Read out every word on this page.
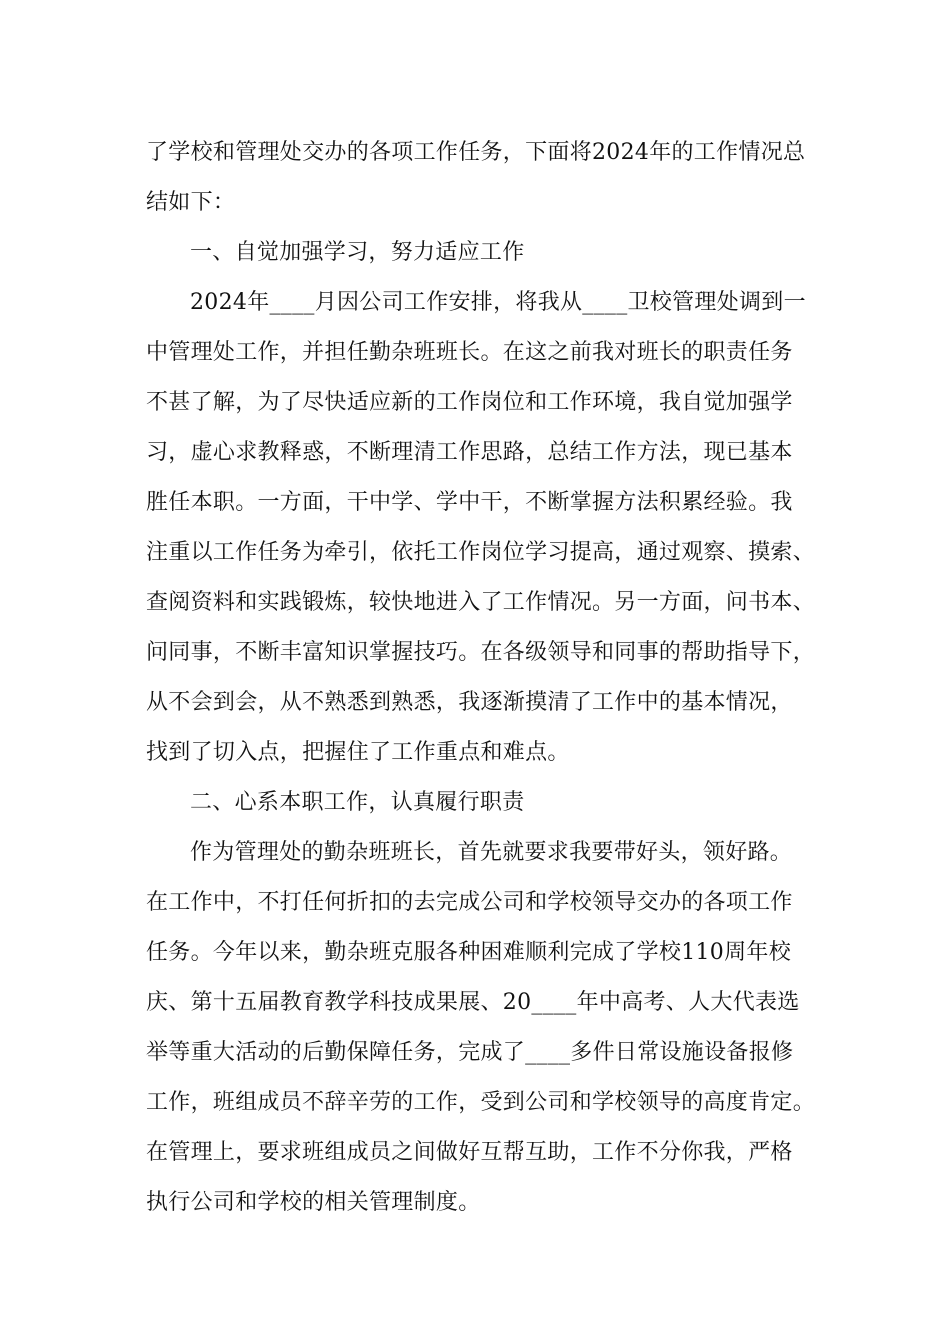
了学校和管理处交办的各项工作任务，下面将2024年的工作情况总
结如下：
一、自觉加强学习，努力适应工作
2024年____月因公司工作安排，将我从____卫校管理处调到一
中管理处工作，并担任勤杂班班长。在这之前我对班长的职责任务
不甚了解，为了尽快适应新的工作岗位和工作环境，我自觉加强学
习，虚心求教释惑，不断理清工作思路，总结工作方法，现已基本
胜任本职。一方面，干中学、学中干，不断掌握方法积累经验。我
注重以工作任务为牵引，依托工作岗位学习提高，通过观察、摸索、
查阅资料和实践锻炼，较快地进入了工作情况。另一方面，问书本、
问同事，不断丰富知识掌握技巧。在各级领导和同事的帮助指导下，
从不会到会，从不熟悉到熟悉，我逐渐摸清了工作中的基本情况，
找到了切入点，把握住了工作重点和难点。
二、心系本职工作，认真履行职责
作为管理处的勤杂班班长，首先就要求我要带好头，领好路。
在工作中，不打任何折扣的去完成公司和学校领导交办的各项工作
任务。今年以来，勤杂班克服各种困难顺利完成了学校110周年校
庆、第十五届教育教学科技成果展、20____年中高考、人大代表选
举等重大活动的后勤保障任务，完成了____多件日常设施设备报修
工作，班组成员不辞辛劳的工作，受到公司和学校领导的高度肯定。
在管理上，要求班组成员之间做好互帮互助，工作不分你我，严格
执行公司和学校的相关管理制度。
